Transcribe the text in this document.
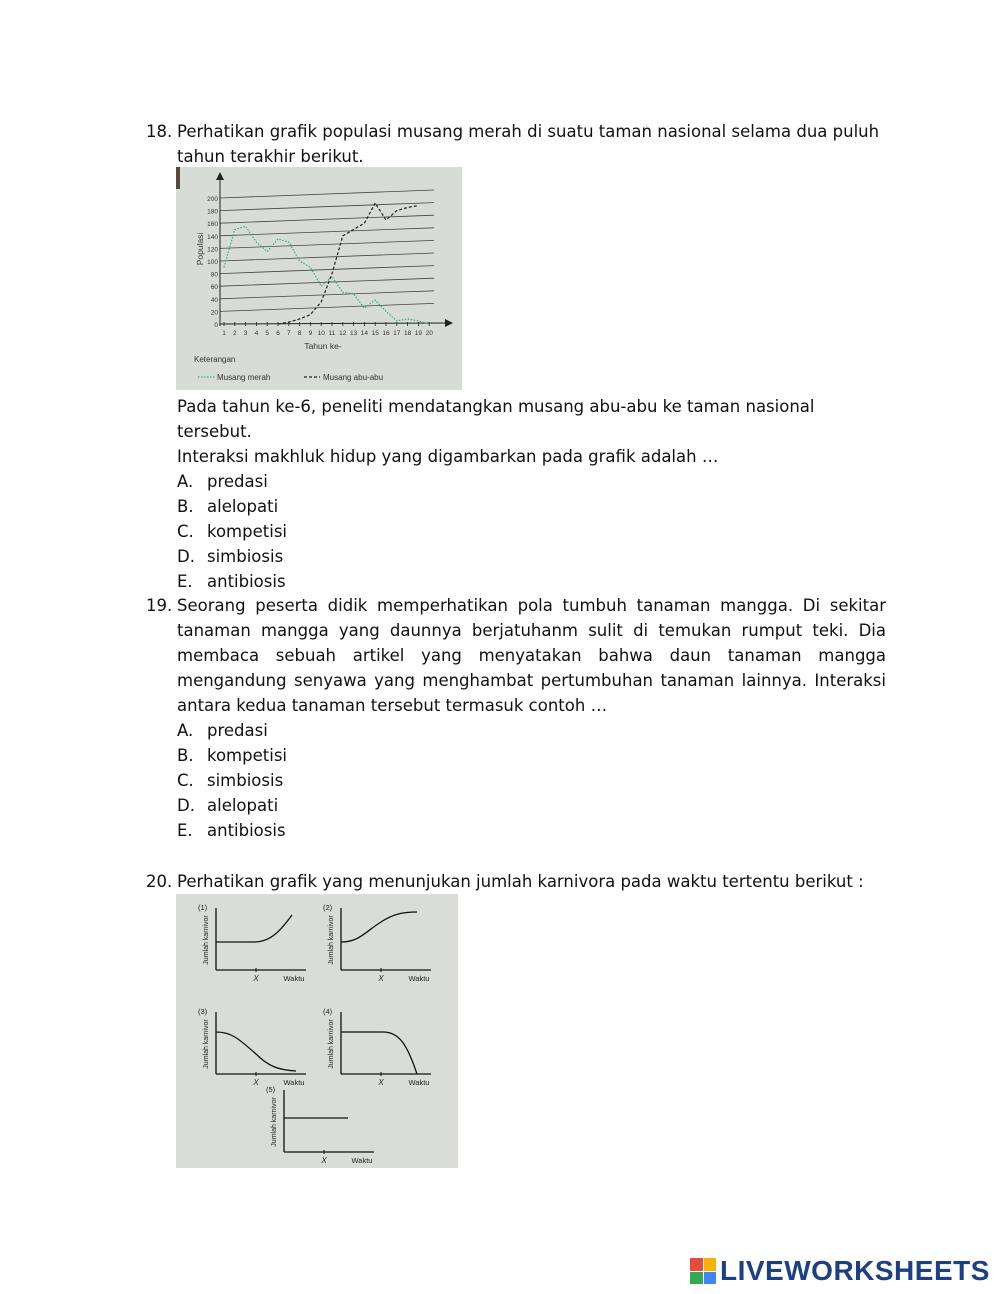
18. Perhatikan grafik populasi musang merah di suatu taman nasional selama dua puluh
tahun terakhir berikut.
0
20
40
60
80
100
120
140
160
180
200
1 2 3 4 5 6 7 8 9 10 11 12 13 14 15 16 17 18 19 20
Tahun ke-
Populasi
Keterangan
Musang merah	Musang abu-abu
Pada tahun ke-6, peneliti mendatangkan musang abu-abu ke taman nasional tersebut.
Interaksi makhluk hidup yang digambarkan pada grafik adalah …
A. predasi
B. alelopati
C. kompetisi
D. simbiosis
E. antibiosis
19. Seorang peserta didik memperhatikan pola tumbuh tanaman mangga. Di sekitar tanaman mangga yang daunnya berjatuhanm sulit di temukan rumput teki. Dia membaca sebuah artikel yang menyatakan bahwa daun tanaman mangga mengandung senyawa yang menghambat pertumbuhan tanaman lainnya. Interaksi antara kedua tanaman tersebut termasuk contoh …
A. predasi
B. kompetisi
C. simbiosis
D. alelopati
E. antibiosis
20. Perhatikan grafik yang menunjukan jumlah karnivora pada waktu tertentu berikut :
(1)
Jumlah karnivor
X	Waktu
(2)
Jumlah karnivor
X	Waktu
(3)
Jumlah karnivor
X	Waktu
(4)
Jumlah karnivor
X	Waktu
(5)
Jumlah karnivor
X	Waktu
LIVEWORKSHEETS
